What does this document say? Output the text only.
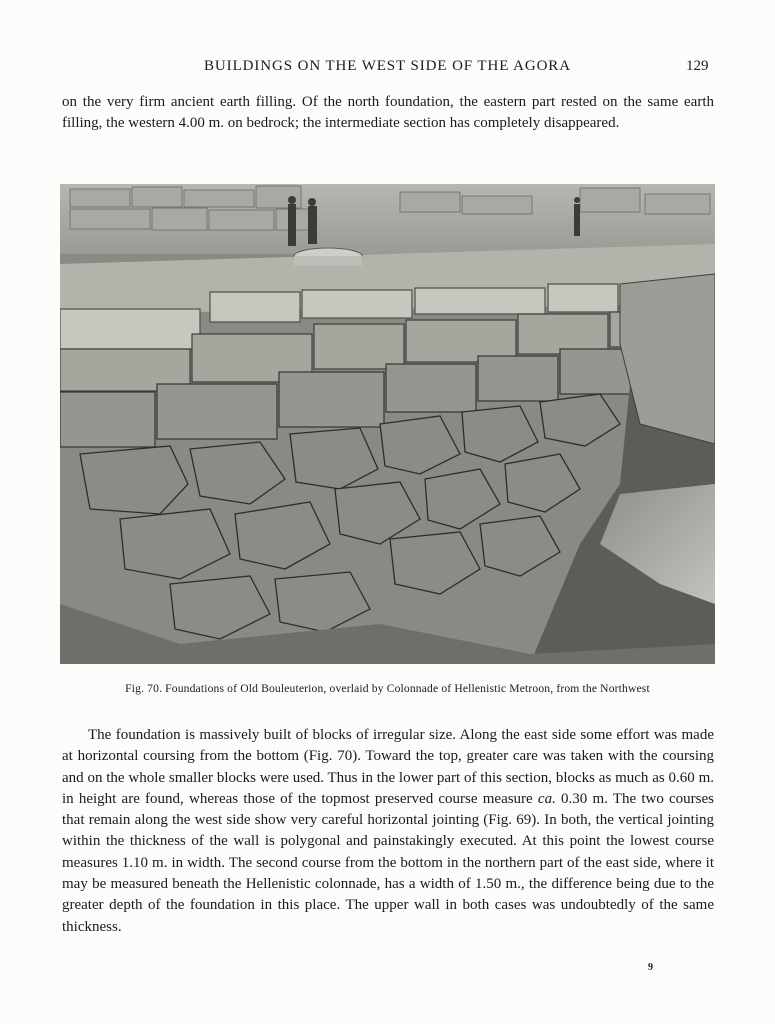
BUILDINGS ON THE WEST SIDE OF THE AGORA	129

on the very firm ancient earth filling. Of the north foundation, the eastern part rested on the same earth filling, the western 4.00 m. on bedrock; the intermediate section has completely disappeared.

Fig. 70. Foundations of Old Bouleuterion, overlaid by Colonnade of Hellenistic Metroon, from the Northwest

The foundation is massively built of blocks of irregular size. Along the east side some effort was made at horizontal coursing from the bottom (Fig. 70). Toward the top, greater care was taken with the coursing and on the whole smaller blocks were used. Thus in the lower part of this section, blocks as much as 0.60 m. in height are found, whereas those of the topmost preserved course measure ca. 0.30 m. The two courses that remain along the west side show very careful horizontal jointing (Fig. 69). In both, the vertical jointing within the thickness of the wall is polygonal and painstakingly executed. At this point the lowest course measures 1.10 m. in width. The second course from the bottom in the northern part of the east side, where it may be measured beneath the Hellenistic colonnade, has a width of 1.50 m., the difference being due to the greater depth of the foundation in this place. The upper wall in both cases was undoubtedly of the same thickness.

9
